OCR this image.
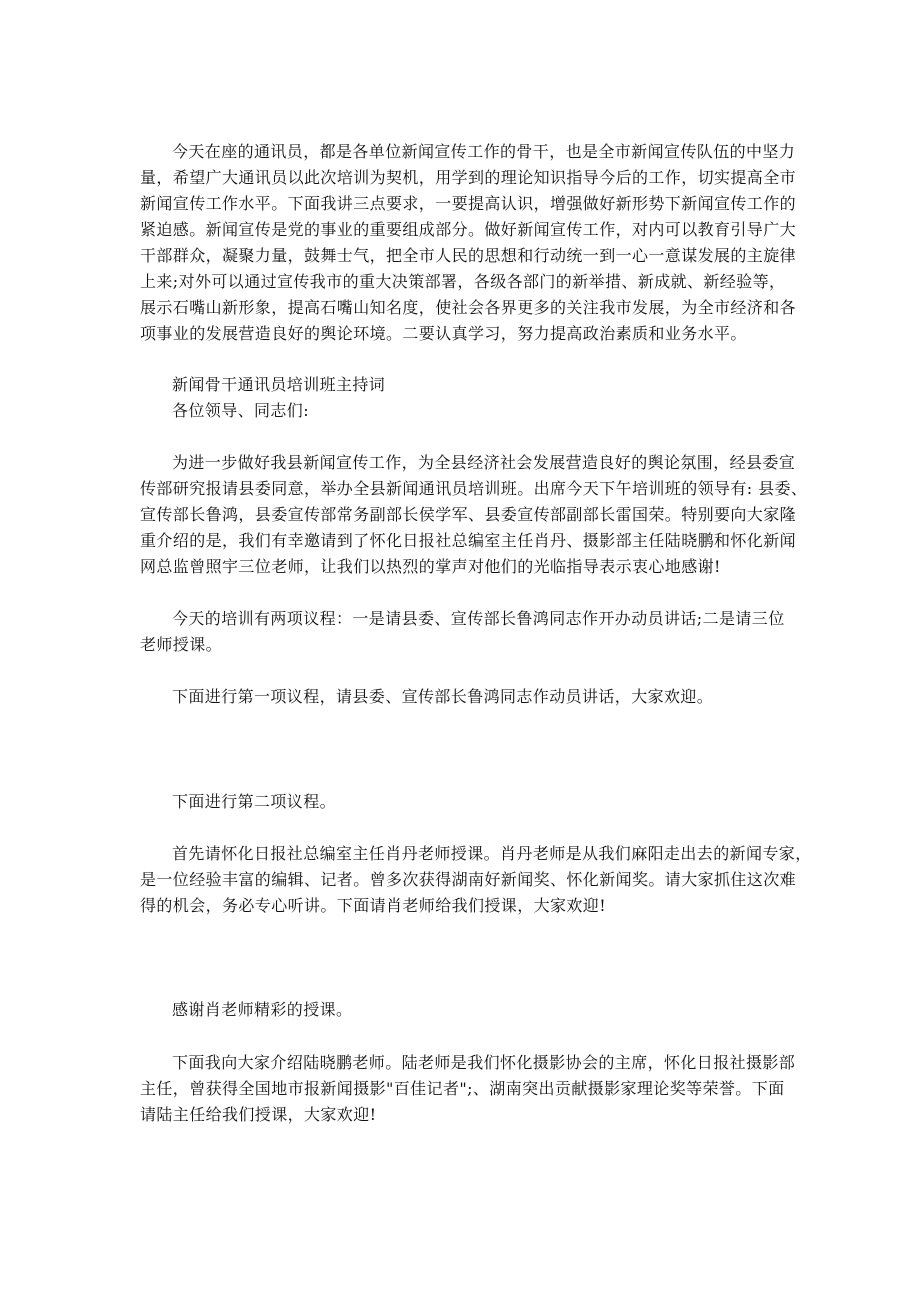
今天在座的通讯员，都是各单位新闻宣传工作的骨干，也是全市新闻宣传队伍的中坚力
量，希望广大通讯员以此次培训为契机，用学到的理论知识指导今后的工作，切实提高全市
新闻宣传工作水平。下面我讲三点要求，一要提高认识，增强做好新形势下新闻宣传工作的
紧迫感。新闻宣传是党的事业的重要组成部分。做好新闻宣传工作，对内可以教育引导广大
干部群众，凝聚力量，鼓舞士气，把全市人民的思想和行动统一到一心一意谋发展的主旋律
上来;对外可以通过宣传我市的重大决策部署，各级各部门的新举措、新成就、新经验等，
展示石嘴山新形象，提高石嘴山知名度，使社会各界更多的关注我市发展，为全市经济和各
项事业的发展营造良好的舆论环境。二要认真学习，努力提高政治素质和业务水平。
新闻骨干通讯员培训班主持词
各位领导、同志们:
为进一步做好我县新闻宣传工作，为全县经济社会发展营造良好的舆论氛围，经县委宣
传部研究报请县委同意，举办全县新闻通讯员培训班。出席今天下午培训班的领导有: 县委、
宣传部长鲁鸿，县委宣传部常务副部长侯学军、县委宣传部副部长雷国荣。特别要向大家隆
重介绍的是，我们有幸邀请到了怀化日报社总编室主任肖丹、摄影部主任陆晓鹏和怀化新闻
网总监曾照宇三位老师，让我们以热烈的掌声对他们的光临指导表示衷心地感谢!
今天的培训有两项议程：一是请县委、宣传部长鲁鸿同志作开办动员讲话;二是请三位
老师授课。
下面进行第一项议程，请县委、宣传部长鲁鸿同志作动员讲话，大家欢迎。
下面进行第二项议程。
首先请怀化日报社总编室主任肖丹老师授课。肖丹老师是从我们麻阳走出去的新闻专家，
是一位经验丰富的编辑、记者。曾多次获得湖南好新闻奖、怀化新闻奖。请大家抓住这次难
得的机会，务必专心听讲。下面请肖老师给我们授课，大家欢迎!
感谢肖老师精彩的授课。
下面我向大家介绍陆晓鹏老师。陆老师是我们怀化摄影协会的主席，怀化日报社摄影部
主任，曾获得全国地市报新闻摄影"百佳记者";、湖南突出贡献摄影家理论奖等荣誉。下面
请陆主任给我们授课，大家欢迎!
